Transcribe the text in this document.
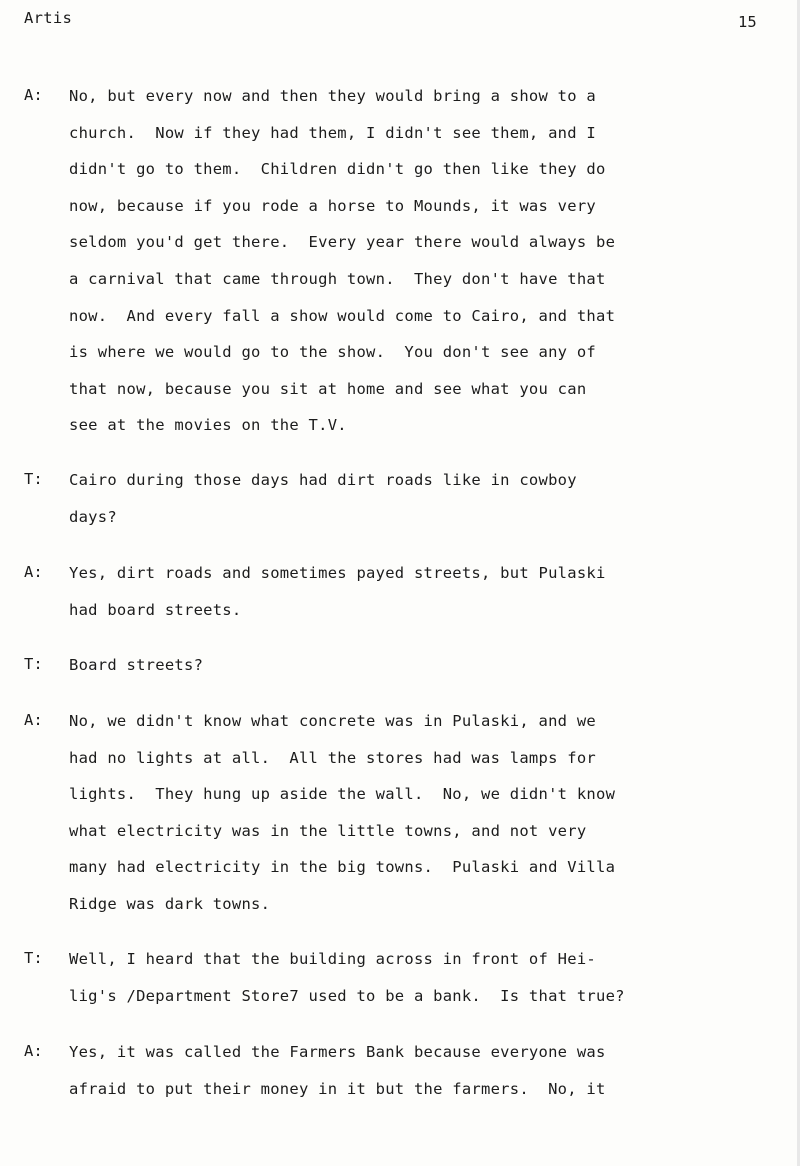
Artis	15
A:	No, but every now and then they would bring a show to a
church.  Now if they had them, I didn't see them, and I
didn't go to them.  Children didn't go then like they do
now, because if you rode a horse to Mounds, it was very
seldom you'd get there.  Every year there would always be
a carnival that came through town.  They don't have that
now.  And every fall a show would come to Cairo, and that
is where we would go to the show.  You don't see any of
that now, because you sit at home and see what you can
see at the movies on the T.V.
T:	Cairo during those days had dirt roads like in cowboy
days?
A:	Yes, dirt roads and sometimes payed streets, but Pulaski
had board streets.
T:	Board streets?
A:	No, we didn't know what concrete was in Pulaski, and we
had no lights at all.  All the stores had was lamps for
lights.  They hung up aside the wall.  No, we didn't know
what electricity was in the little towns, and not very
many had electricity in the big towns.  Pulaski and Villa
Ridge was dark towns.
T:	Well, I heard that the building across in front of Hei-
lig's /Department Store7 used to be a bank.  Is that true?
A:	Yes, it was called the Farmers Bank because everyone was
afraid to put their money in it but the farmers.  No, it
